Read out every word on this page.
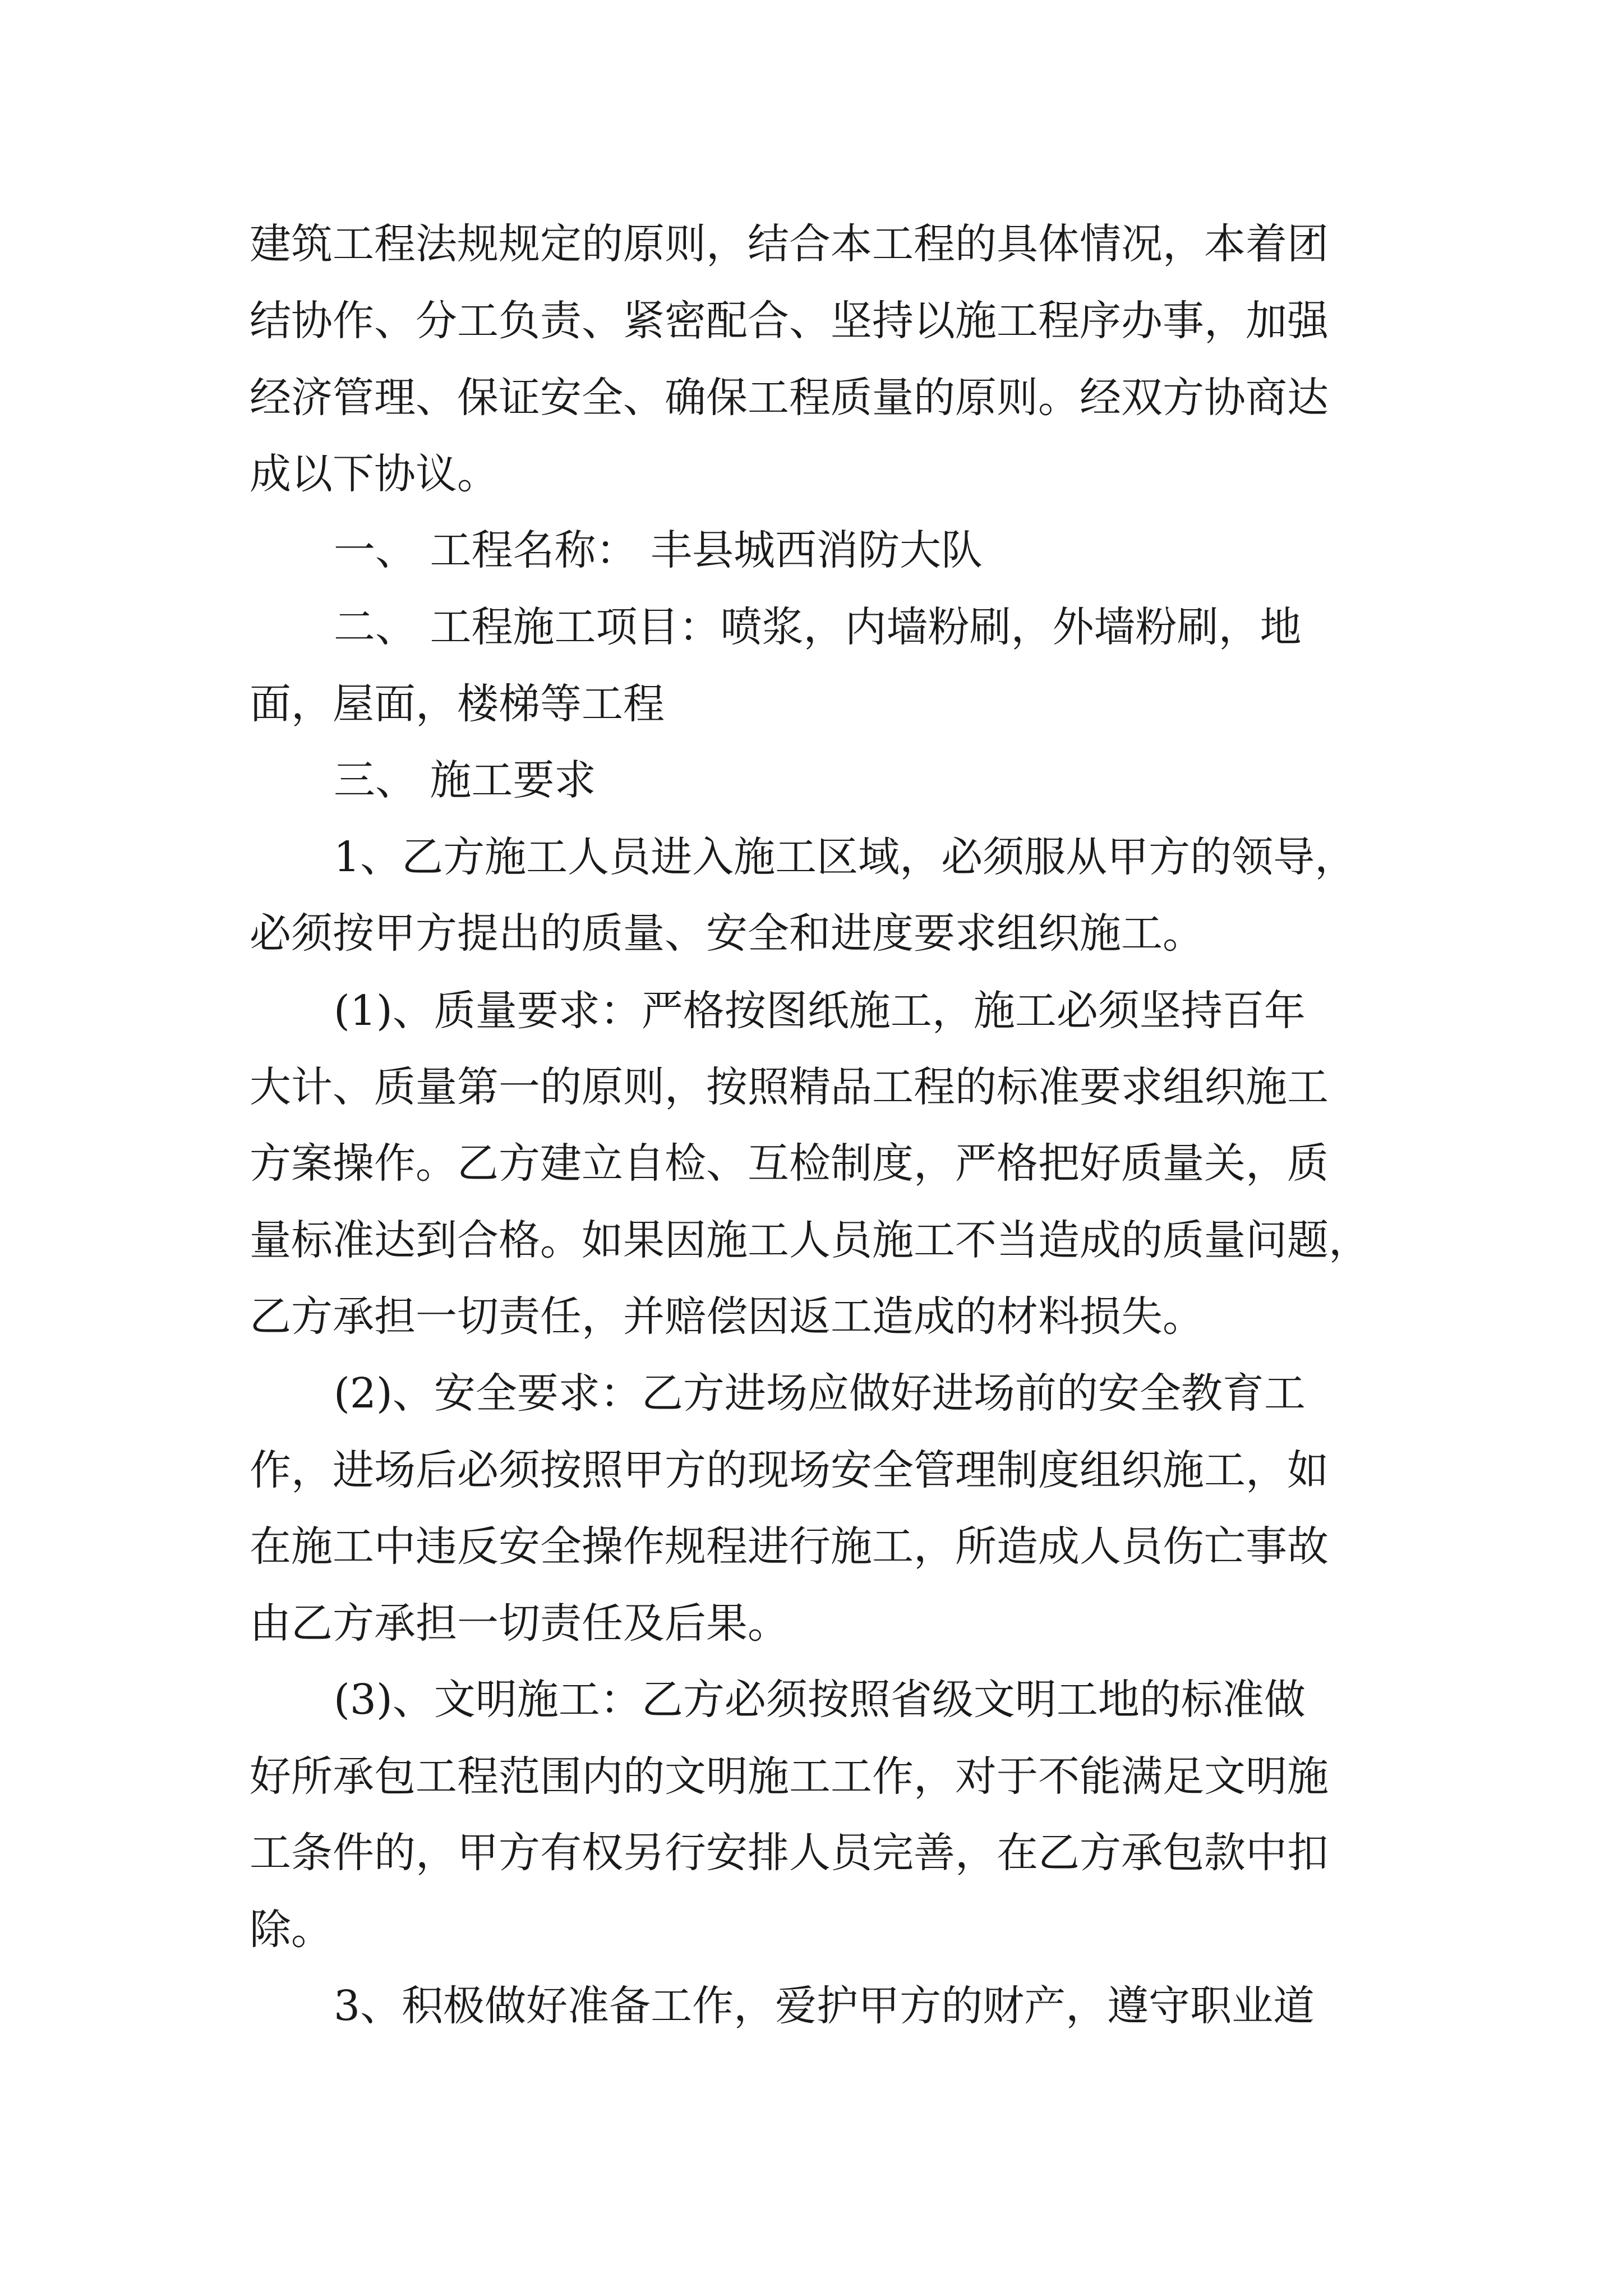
建筑工程法规规定的原则，结合本工程的具体情况，本着团

结协作、分工负责、紧密配合、坚持以施工程序办事，加强

经济管理、保证安全、确保工程质量的原则。经双方协商达

成以下协议。

一、 工程名称： 丰县城西消防大队

二、 工程施工项目：喷浆，内墙粉刷，外墙粉刷，地

面，屋面，楼梯等工程

三、 施工要求

1、乙方施工人员进入施工区域，必须服从甲方的领导，

必须按甲方提出的质量、安全和进度要求组织施工。

(1)、质量要求：严格按图纸施工，施工必须坚持百年

大计、质量第一的原则，按照精品工程的标准要求组织施工

方案操作。乙方建立自检、互检制度，严格把好质量关，质

量标准达到合格。如果因施工人员施工不当造成的质量问题，

乙方承担一切责任，并赔偿因返工造成的材料损失。

(2)、安全要求：乙方进场应做好进场前的安全教育工

作，进场后必须按照甲方的现场安全管理制度组织施工，如

在施工中违反安全操作规程进行施工，所造成人员伤亡事故

由乙方承担一切责任及后果。

(3)、文明施工：乙方必须按照省级文明工地的标准做

好所承包工程范围内的文明施工工作，对于不能满足文明施

工条件的，甲方有权另行安排人员完善，在乙方承包款中扣

除。

3、积极做好准备工作，爱护甲方的财产，遵守职业道
